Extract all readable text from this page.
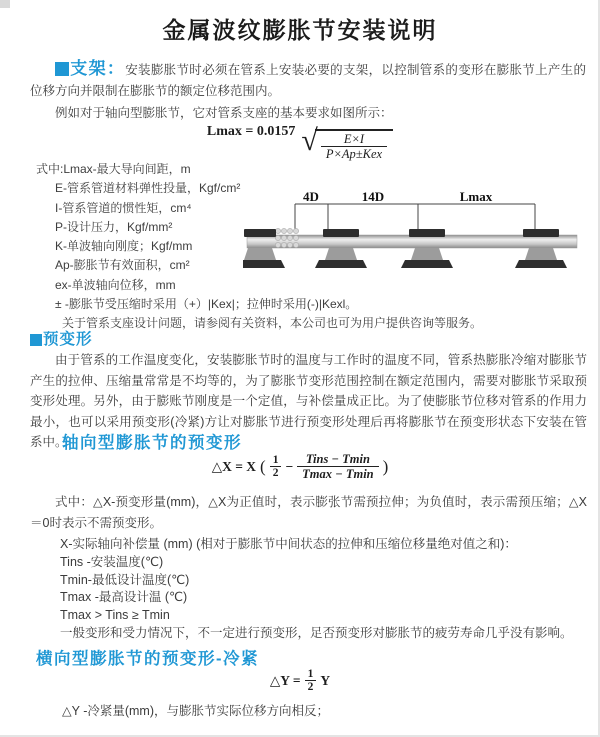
金属波纹膨胀节安装说明
支架：安装膨胀节时必须在管系上安装必要的支架，以控制管系的变形在膨胀节上产生的位移方向并限制在膨胀节的额定位移范围内。
例如对于轴向型膨胀节，它对管系支座的基本要求如图所示：
Lmax = 0.0157 √ $\frac{E\times I}{\text{P×Ap±Kex}}$
式中:Lmax-最大导向间距，m
E-管系管道材料弹性投量，Kgf/cm²
I-管系管道的惯性矩，cm⁴
P-设计压力，Kgf/mm²
K-单波轴向刚度；Kgf/mm
Ap-膨胀节有效面积，cm²
ex-单波轴向位移，mm
± -膨胀节受压缩时采用（+）|Kex|；拉伸时采用(-)|Kexl。
关于管系支座设计问题，请参阅有关资料，本公司也可为用户提供咨询等服务。
4D	14D	Lmax
预变形
由于管系的工作温度变化，安装膨胀节时的温度与工作时的温度不同，管系热膨胀冷缩对膨胀节产生的拉伸、压缩量常常是不均等的，为了膨胀节变形范围控制在额定范围内，需要对膨胀节采取预变形处理。另外，由于膨账节刚度是一个定值，与补偿量成正比。为了使膨胀节位移对管系的作用力最小，也可以采用预变形(冷紧)方让对膨胀节进行预变形处理后再将膨胀节在预变形状态下安装在管系中。
轴向型膨胀节的预变形
△X = X ( $\frac{1}{2} - \frac{\text{Tins − Tmin}}{Tmax - Tmin}$ )
式中：△X-预变形量(mm)，△X为正值时，表示膨张节需预拉伸；为负值时，表示需预压缩；△X＝0时表示不需预变形。
X-实际轴向补偿量 (mm) (相对于膨胀节中间状态的拉伸和压缩位移量绝对值之和)：
Tins -安装温度(℃)
Tmin-最低设计温度(℃)
Tmax -最高设计温 (℃)
Tmax > Tins ≥ Tmin
一般变形和受力情况下，不一定进行预变形，足否预变形对膨胀节的疲劳寿命几乎没有影响。
横向型膨胀节的预变形-冷紧
△Y = $\frac{1}{2}$ Y
△Y -冷紧量(mm)，与膨胀节实际位移方向相反；
